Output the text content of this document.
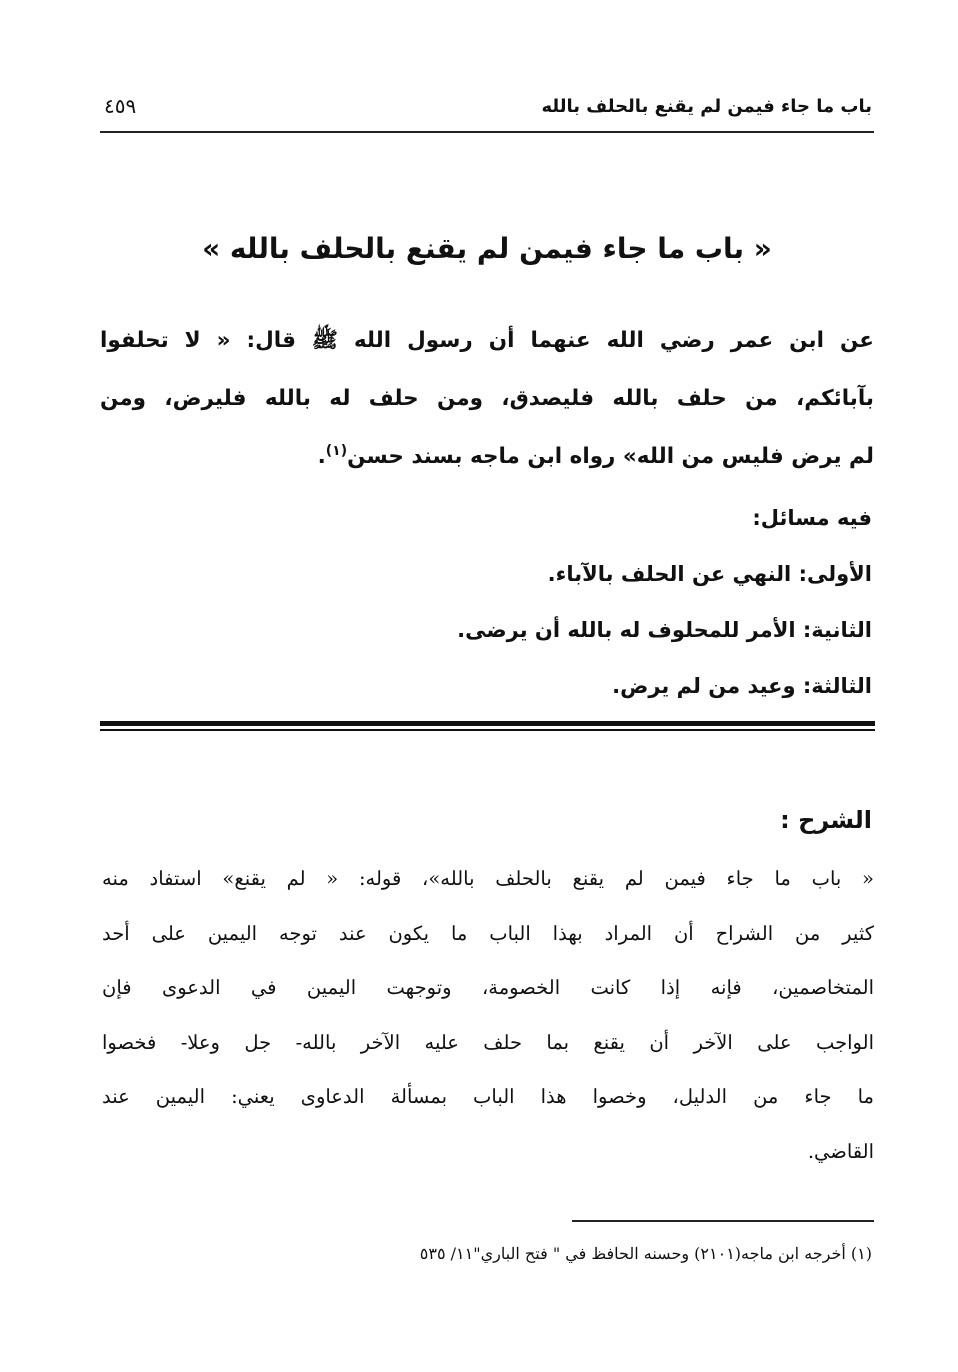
باب ما جاء فيمن لم يقنع بالحلف بالله
٤٥٩
« باب ما جاء فيمن لم يقنع بالحلف بالله »
عن ابن عمر رضي الله عنهما أن رسول الله ﷺ قال: « لا تحلفوا
بآبائكم، من حلف بالله فليصدق، ومن حلف له بالله فليرض، ومن
لم يرض فليس من الله» رواه ابن ماجه بسند حسن$^{(١)}$.
فيه مسائل:
الأولى: النهي عن الحلف بالآباء.
الثانية: الأمر للمحلوف له بالله أن يرضى.
الثالثة: وعيد من لم يرض.
الشرح :
« باب ما جاء فيمن لم يقنع بالحلف بالله»، قوله: « لم يقنع» استفاد منه
كثير من الشراح أن المراد بهذا الباب ما يكون عند توجه اليمين على أحد
المتخاصمين، فإنه إذا كانت الخصومة، وتوجهت اليمين في الدعوى فإن
الواجب على الآخر أن يقنع بما حلف عليه الآخر بالله- جل وعلا- فخصوا
ما جاء من الدليل، وخصوا هذا الباب بمسألة الدعاوى يعني: اليمين عند
القاضي.
(١) أخرجه ابن ماجه(٢١٠١) وحسنه الحافظ في " فتح الباري"١١/ ٥٣٥
